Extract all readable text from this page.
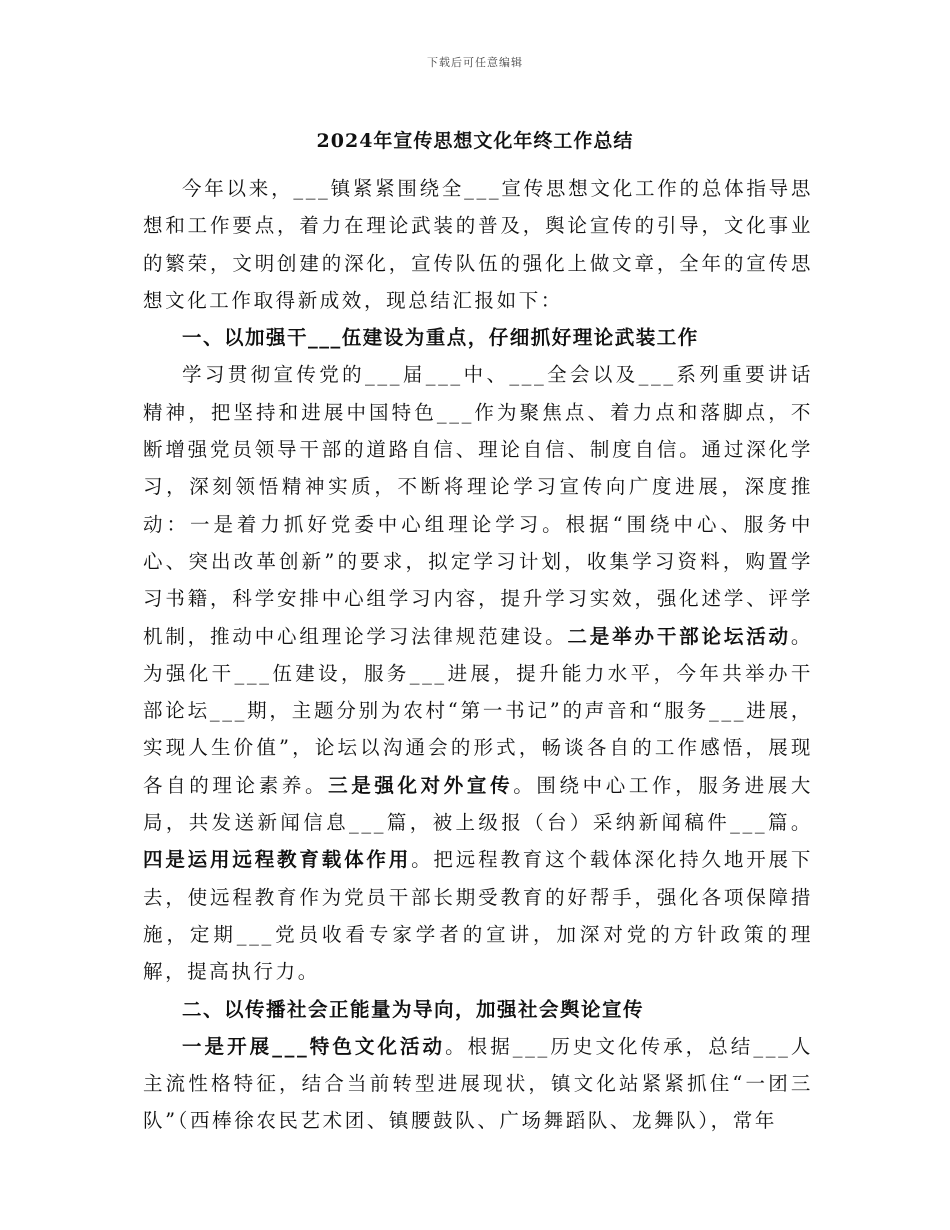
下载后可任意编辑
2024年宣传思想文化年终工作总结

今年以来，___镇紧紧围绕全___宣传思想文化工作的总体指导思想和工作要点，着力在理论武装的普及，舆论宣传的引导，文化事业的繁荣，文明创建的深化，宣传队伍的强化上做文章，全年的宣传思想文化工作取得新成效，现总结汇报如下：

一、以加强干___伍建设为重点，仔细抓好理论武装工作

学习贯彻宣传党的___届___中、___全会以及___系列重要讲话精神，把坚持和进展中国特色___作为聚焦点、着力点和落脚点，不断增强党员领导干部的道路自信、理论自信、制度自信。通过深化学习，深刻领悟精神实质，不断将理论学习宣传向广度进展，深度推动：一是着力抓好党委中心组理论学习。根据“围绕中心、服务中心、突出改革创新”的要求，拟定学习计划，收集学习资料，购置学习书籍，科学安排中心组学习内容，提升学习实效，强化述学、评学机制，推动中心组理论学习法律规范建设。二是举办干部论坛活动。为强化干___伍建设，服务___进展，提升能力水平，今年共举办干部论坛___期，主题分别为农村“第一书记”的声音和“服务___进展，实现人生价值”，论坛以沟通会的形式，畅谈各自的工作感悟，展现各自的理论素养。三是强化对外宣传。围绕中心工作，服务进展大局，共发送新闻信息___篇，被上级报（台）采纳新闻稿件___篇。四是运用远程教育载体作用。把远程教育这个载体深化持久地开展下去，使远程教育作为党员干部长期受教育的好帮手，强化各项保障措施，定期___党员收看专家学者的宣讲，加深对党的方针政策的理解，提高执行力。

二、以传播社会正能量为导向，加强社会舆论宣传

一是开展___特色文化活动。根据___历史文化传承，总结___人主流性格特征，结合当前转型进展现状，镇文化站紧紧抓住“一团三队”（西棒徐农民艺术团、镇腰鼓队、广场舞蹈队、龙舞队），常年
